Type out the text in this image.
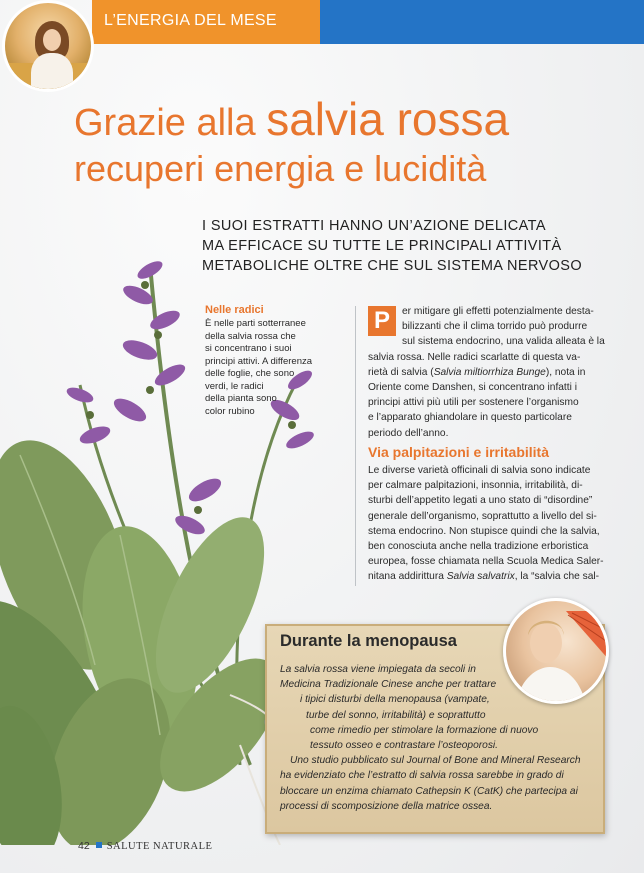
L’ENERGIA DEL MESE
Grazie alla salvia rossa
recuperi energia e lucidità
I SUOI ESTRATTI HANNO UN’AZIONE DELICATA
MA EFFICACE SU TUTTE LE PRINCIPALI ATTIVITÀ
METABOLICHE OLTRE CHE SUL SISTEMA NERVOSO
Nelle radici
È nelle parti sotterranee
della salvia rossa che
si concentrano i suoi
principi attivi. A differenza
delle foglie, che sono
verdi, le radici
della pianta sono
color rubino
P	er mitigare gli effetti potenzialmente desta-
bilizzanti che il clima torrido può produrre
sul sistema endocrino, una valida alleata è la
salvia rossa. Nelle radici scarlatte di questa va-
rietà di salvia (Salvia miltiorrhiza Bunge), nota in
Oriente come Danshen, si concentrano infatti i
principi attivi più utili per sostenere l’organismo
e l’apparato ghiandolare in questo particolare
periodo dell’anno.
Via palpitazioni e irritabilità
Le diverse varietà officinali di salvia sono indicate
per calmare palpitazioni, insonnia, irritabilità, di-
sturbi dell’appetito legati a uno stato di “disordine”
generale dell’organismo, soprattutto a livello del si-
stema endocrino. Non stupisce quindi che la salvia,
ben conosciuta anche nella tradizione erboristica
europea, fosse chiamata nella Scuola Medica Saler-
nitana addirittura Salvia salvatrix, la “salvia che sal-
Durante la menopausa
La salvia rossa viene impiegata da secoli in
Medicina Tradizionale Cinese anche per trattare
i tipici disturbi della menopausa (vampate,
turbe del sonno, irritabilità) e soprattutto
come rimedio per stimolare la formazione di nuovo
tessuto osseo e contrastare l’osteoporosi.
Uno studio pubblicato sul Journal of Bone and Mineral Research
ha evidenziato che l’estratto di salvia rossa sarebbe in grado di
bloccare un enzima chiamato Cathepsin K (CatK) che partecipa ai
processi di scomposizione della matrice ossea.
42 SALUTE NATURALE
